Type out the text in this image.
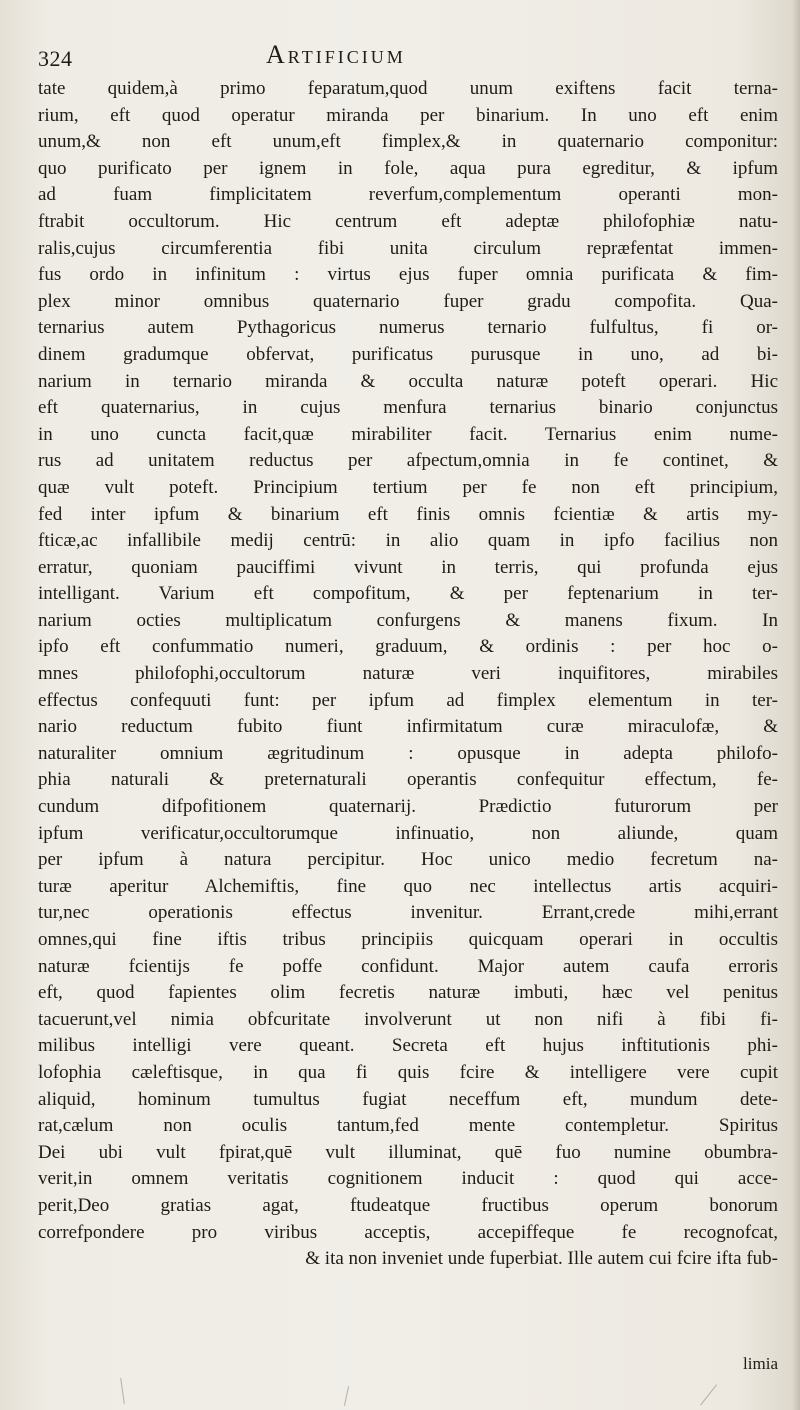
324	Artificium
tate quidem,à primo feparatum,quod unum exiftens facit terna-
rium, eft quod operatur miranda per binarium. In uno eft enim
unum,& non eft unum,eft fimplex,& in quaternario componitur:
quo purificato per ignem in fole, aqua pura egreditur, & ipfum
ad fuam fimplicitatem reverfum,complementum operanti mon-
ftrabit occultorum. Hic centrum eft adeptæ philofophiæ natu-
ralis,cujus circumferentia fibi unita circulum repræfentat immen-
fus ordo in infinitum : virtus ejus fuper omnia purificata & fim-
plex minor omnibus quaternario fuper gradu compofita. Qua-
ternarius autem Pythagoricus numerus ternario fulfultus, fi or-
dinem gradumque obfervat, purificatus purusque in uno, ad bi-
narium in ternario miranda & occulta naturæ poteft operari. Hic
eft quaternarius, in cujus menfura ternarius binario conjunctus
in uno cuncta facit,quæ mirabiliter facit. Ternarius enim nume-
rus ad unitatem reductus per afpectum,omnia in fe continet, &
quæ vult poteft. Principium tertium per fe non eft principium,
fed inter ipfum & binarium eft finis omnis fcientiæ & artis my-
fticæ,ac infallibile medij centrū: in alio quam in ipfo facilius non
erratur, quoniam pauciffimi vivunt in terris, qui profunda ejus
intelligant. Varium eft compofitum, & per feptenarium in ter-
narium octies multiplicatum confurgens & manens fixum. In
ipfo eft confummatio numeri, graduum, & ordinis : per hoc o-
mnes philofophi,occultorum naturæ veri inquifitores, mirabiles
effectus confequuti funt: per ipfum ad fimplex elementum in ter-
nario reductum fubito fiunt infirmitatum curæ miraculofæ, &
naturaliter omnium ægritudinum : opusque in adepta philofo-
phia naturali & preternaturali operantis confequitur effectum, fe-
cundum difpofitionem quaternarij. Prædictio futurorum per
ipfum verificatur,occultorumque infinuatio, non aliunde, quam
per ipfum à natura percipitur. Hoc unico medio fecretum na-
turæ aperitur Alchemiftis, fine quo nec intellectus artis acquiri-
tur,nec operationis effectus invenitur. Errant,crede mihi,errant
omnes,qui fine iftis tribus principiis quicquam operari in occultis
naturæ fcientijs fe poffe confidunt. Major autem caufa erroris
eft, quod fapientes olim fecretis naturæ imbuti, hæc vel penitus
tacuerunt,vel nimia obfcuritate involverunt ut non nifi à fibi fi-
milibus intelligi vere queant. Secreta eft hujus inftitutionis phi-
lofophia cæleftisque, in qua fi quis fcire & intelligere vere cupit
aliquid, hominum tumultus fugiat neceffum eft, mundum dete-
rat,cælum non oculis tantum,fed mente contempletur. Spiritus
Dei ubi vult fpirat,quē vult illuminat, quē fuo numine obumbra-
verit,in omnem veritatis cognitionem inducit : quod qui acce-
perit,Deo gratias agat, ftudeatque fructibus operum bonorum
correfpondere pro viribus acceptis, accepiffeque fe recognofcat,
& ita non inveniet unde fuperbiat. Ille autem cui fcire ifta fub-
limia
